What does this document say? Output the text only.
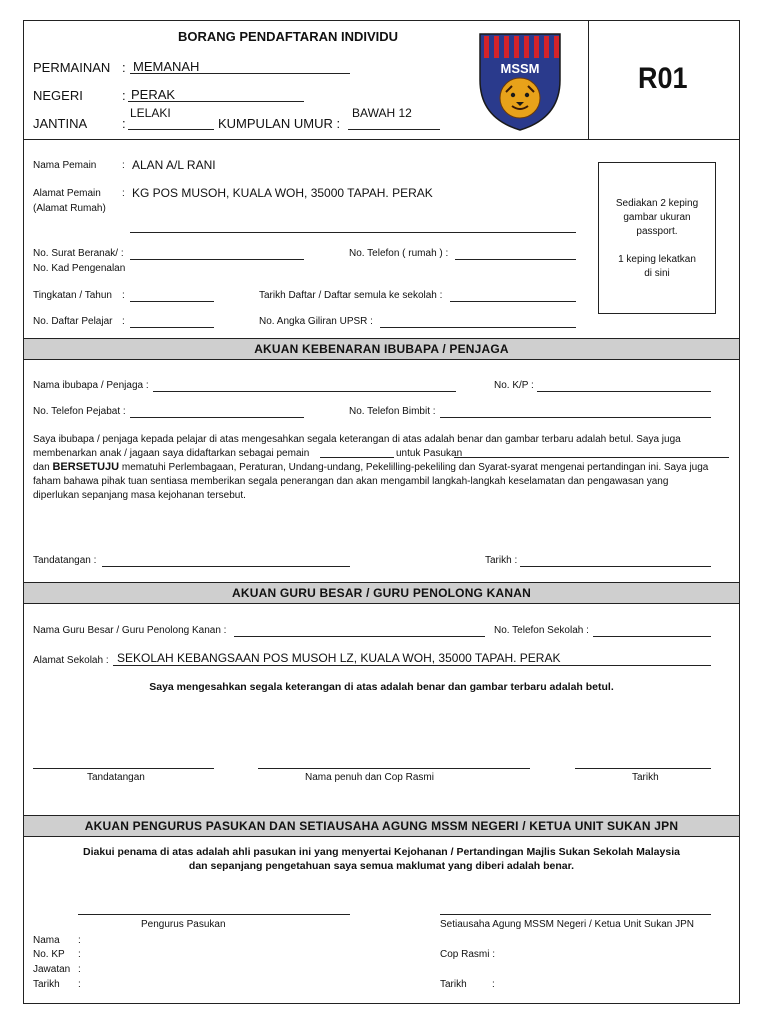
BORANG PENDAFTARAN INDIVIDU
R01
MSSM
PERMAINAN : MEMANAH
NEGERI	: PERAK
JANTINA	:
LELAKI
KUMPULAN UMUR :
BAWAH 12
Nama Pemain	: ALAN A/L RANI
Alamat Pemain
(Alamat Rumah)
: KG POS MUSOH, KUALA WOH, 35000 TAPAH. PERAK
No. Surat Beranak/ :
No. Kad Pengenalan
No. Telefon ( rumah ) :
Tingkatan / Tahun :	Tarikh Daftar / Daftar semula ke sekolah :
No. Daftar Pelajar :	No. Angka Giliran UPSR :
Sediakan 2 keping
gambar ukuran
passport.
1 keping lekatkan
di sini
AKUAN KEBENARAN IBUBAPA / PENJAGA
Nama ibubapa / Penjaga :	No. K/P :
No. Telefon Pejabat :	No. Telefon Bimbit :
Saya ibubapa / penjaga kepada pelajar di atas mengesahkan segala keterangan di atas adalah benar dan gambar terbaru adalah betul. Saya juga
membenarkan anak / jagaan saya didaftarkan sebagai pemain	untuk Pasukan
dan BERSETUJU mematuhi Perlembagaan, Peraturan, Undang-undang, Pekelilling-pekeliling dan Syarat-syarat mengenai pertandingan ini. Saya juga
faham bahawa pihak tuan sentiasa memberikan segala penerangan dan akan mengambil langkah-langkah keselamatan dan pengawasan yang
diperlukan sepanjang masa kejohanan tersebut.
Tandatangan :	Tarikh :
AKUAN GURU BESAR / GURU PENOLONG KANAN
Nama Guru Besar / Guru Penolong Kanan :	No. Telefon Sekolah :
Alamat Sekolah : SEKOLAH KEBANGSAAN POS MUSOH LZ, KUALA WOH, 35000 TAPAH. PERAK
Saya mengesahkan segala keterangan di atas adalah benar dan gambar terbaru adalah betul.
Tandatangan	Nama penuh dan Cop Rasmi	Tarikh
AKUAN PENGURUS PASUKAN DAN SETIAUSAHA AGUNG MSSM NEGERI / KETUA UNIT SUKAN JPN
Diakui penama di atas adalah ahli pasukan ini yang menyertai Kejohanan / Pertandingan Majlis Sukan Sekolah Malaysia
dan sepanjang pengetahuan saya semua maklumat yang diberi adalah benar.
Pengurus Pasukan	Setiausaha Agung MSSM Negeri / Ketua Unit Sukan JPN
Nama :
No. KP :
Jawatan :
Tarikh :
Cop Rasmi :
Tarikh	:
